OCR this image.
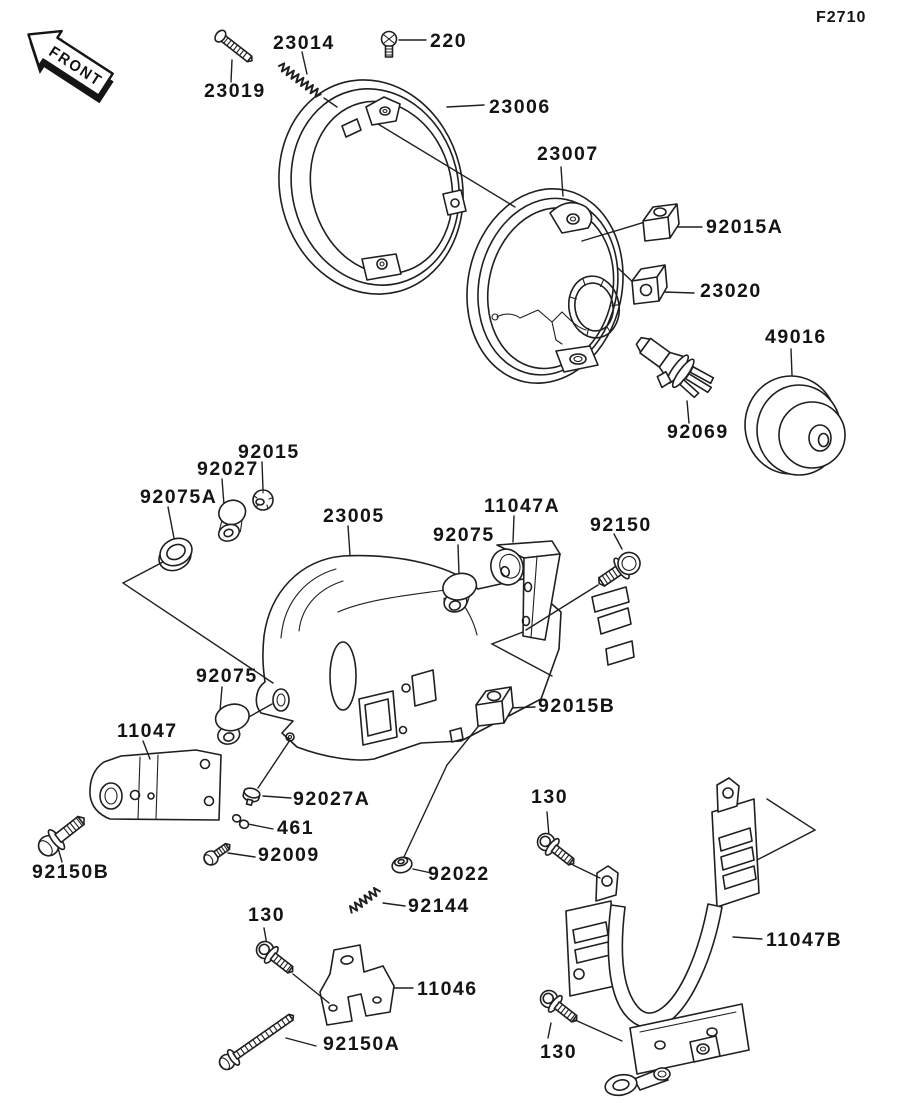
FRONT
F2710
23014	220
23019
23006
23007
92015A
23020
49016
92069
92015
92027
92075A
23005
92075
11047A
92150
92015B
92075
11047
92027A
461
92009
92150B	92022
92144
130
11046
92150A
130
11047B
130
